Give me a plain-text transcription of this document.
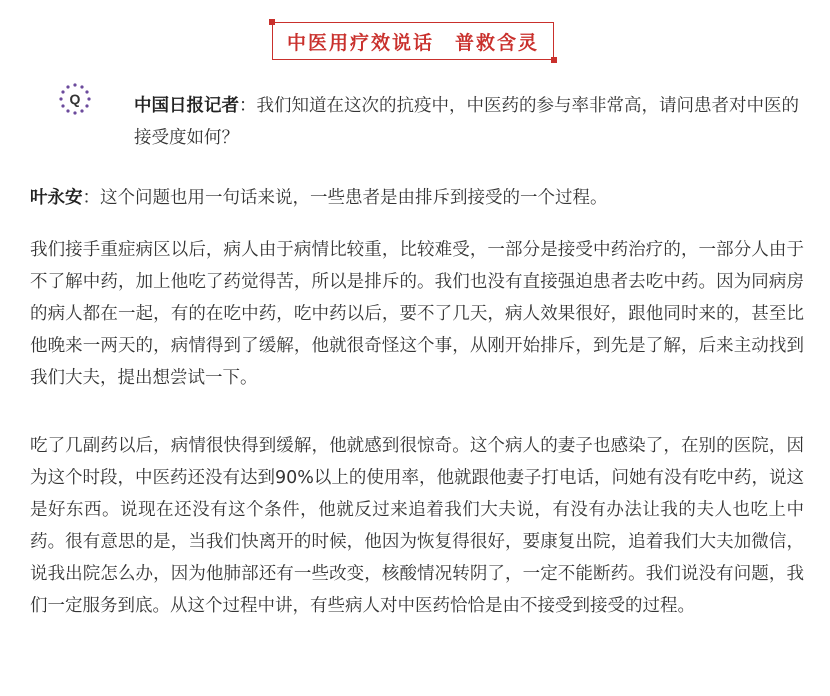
中医用疗效说话　普救含灵
Q	中国日报记者：我们知道在这次的抗疫中，中医药的参与率非常高，请问患者对中医的接受度如何？

叶永安：这个问题也用一句话来说，一些患者是由排斥到接受的一个过程。

我们接手重症病区以后，病人由于病情比较重，比较难受，一部分是接受中药治疗的，一部分人由于不了解中药，加上他吃了药觉得苦，所以是排斥的。我们也没有直接强迫患者去吃中药。因为同病房的病人都在一起，有的在吃中药，吃中药以后，要不了几天，病人效果很好，跟他同时来的，甚至比他晚来一两天的，病情得到了缓解，他就很奇怪这个事，从刚开始排斥，到先是了解，后来主动找到我们大夫，提出想尝试一下。

吃了几副药以后，病情很快得到缓解，他就感到很惊奇。这个病人的妻子也感染了，在别的医院，因为这个时段，中医药还没有达到90%以上的使用率，他就跟他妻子打电话，问她有没有吃中药，说这是好东西。说现在还没有这个条件，他就反过来追着我们大夫说，有没有办法让我的夫人也吃上中药。很有意思的是，当我们快离开的时候，他因为恢复得很好，要康复出院，追着我们大夫加微信，说我出院怎么办，因为他肺部还有一些改变，核酸情况转阴了，一定不能断药。我们说没有问题，我们一定服务到底。从这个过程中讲，有些病人对中医药恰恰是由不接受到接受的过程。
